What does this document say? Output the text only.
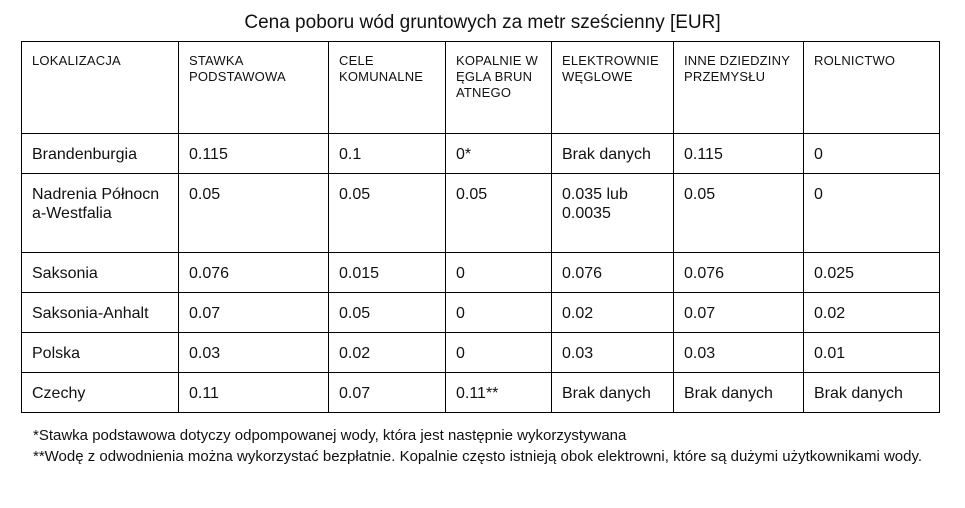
Cena poboru wód gruntowych za metr sześcienny [EUR]
LOKALIZACJA	STAWKA PODSTAWOWA	CELE KOMUNALNE	KOPALNIE WĘGLA BRUNATNEGO	ELEKTROWNIE WĘGLOWE	INNE DZIEDZINY PRZEMYSŁU	ROLNICTWO
Brandenburgia	0.115	0.1	0*	Brak danych	0.115	0
Nadrenia Północna-Westfalia	0.05	0.05	0.05	0.035 lub 0.0035	0.05	0
Saksonia	0.076	0.015	0	0.076	0.076	0.025
Saksonia-Anhalt	0.07	0.05	0	0.02	0.07	0.02
Polska	0.03	0.02	0	0.03	0.03	0.01
Czechy	0.11	0.07	0.11**	Brak danych	Brak danych	Brak danych

*Stawka podstawowa dotyczy odpompowanej wody, która jest następnie wykorzystywana

**Wodę z odwodnienia można wykorzystać bezpłatnie. Kopalnie często istnieją obok elektrowni, które są dużymi użytkownikami wody.
